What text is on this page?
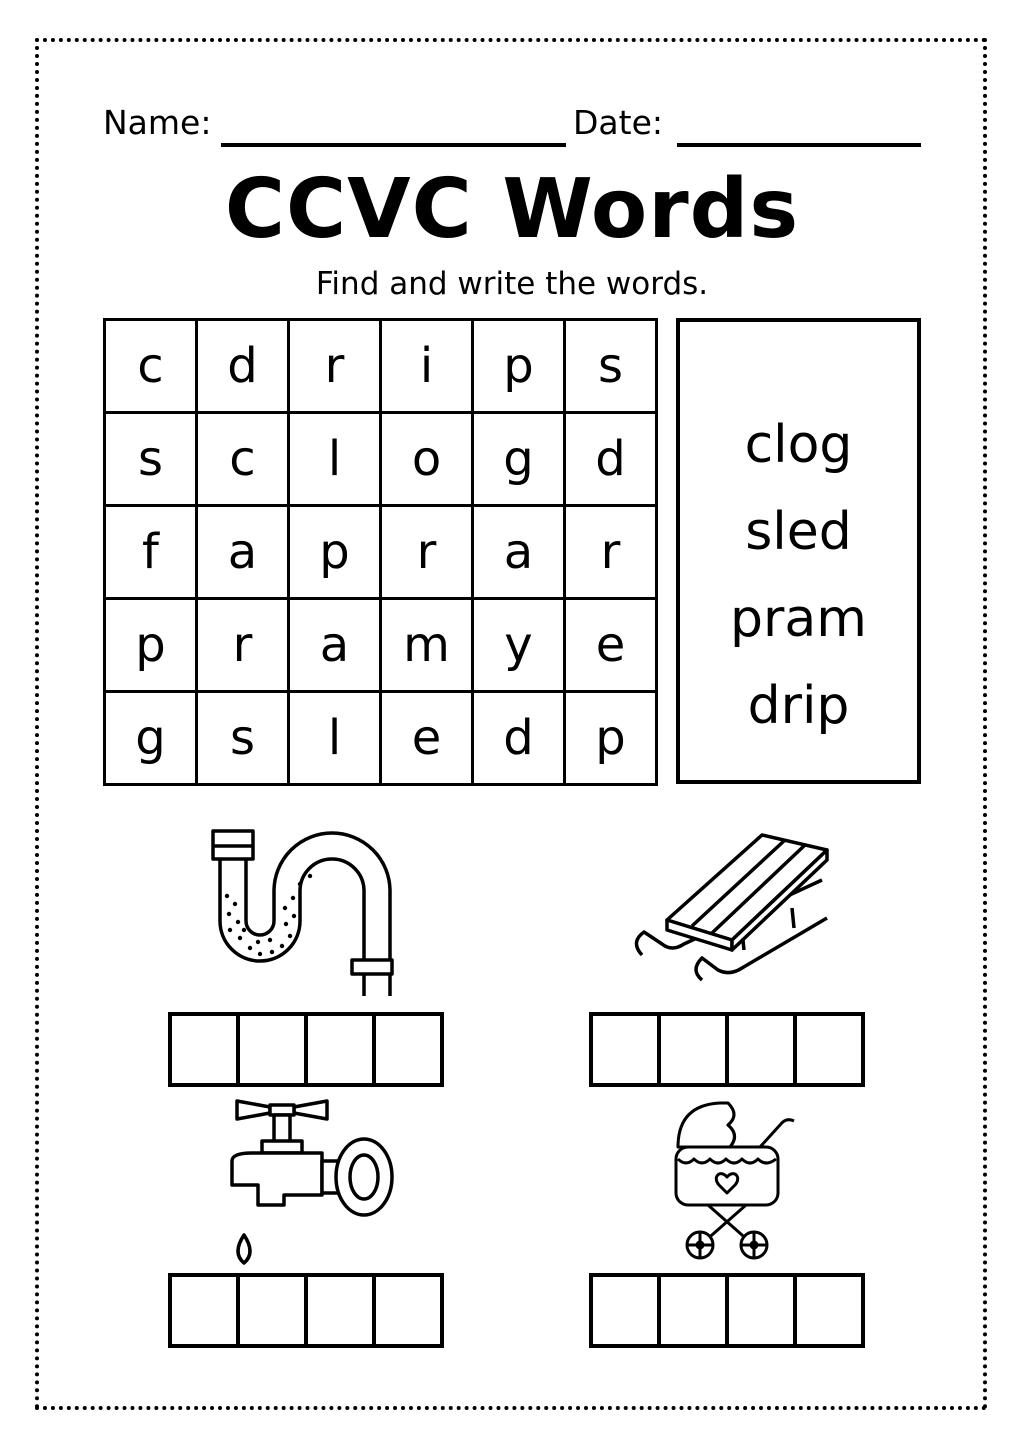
Name:	Date:
CCVC Words
Find and write the words.
c	d	r	i	p	s
s	c	l	o	g	d
f	a	p	r	a	r
p	r	a	m	y	e
g	s	l	e	d	p
clog
sled
pram
drip
